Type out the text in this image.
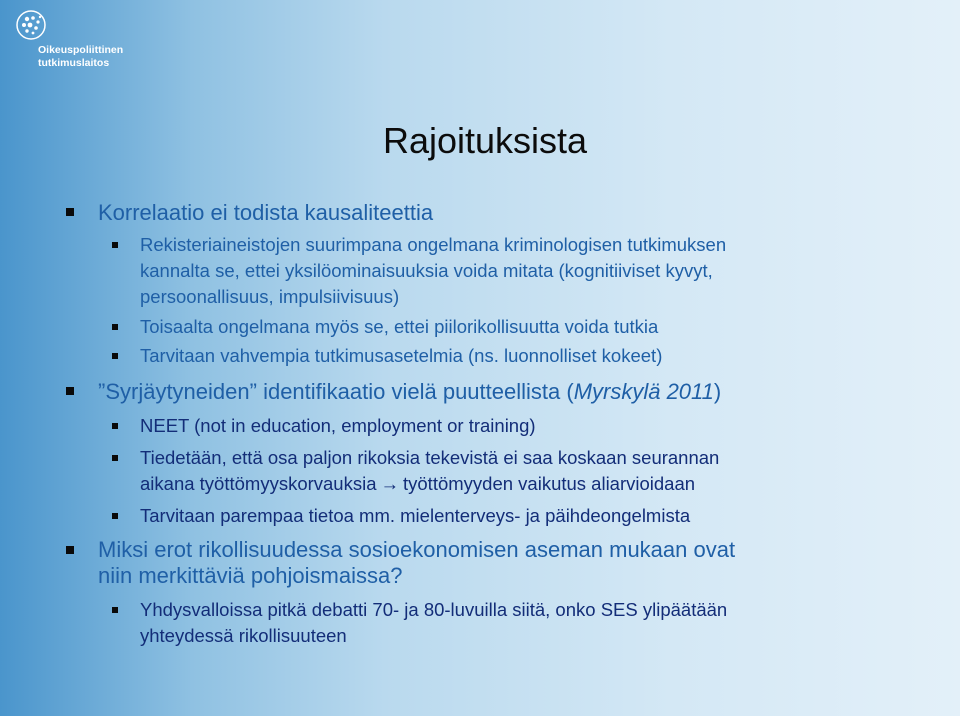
Oikeuspoliittinen
tutkimuslaitos
Rajoituksista
Korrelaatio ei todista kausaliteettia
Rekisteriaineistojen suurimpana ongelmana kriminologisen tutkimuksen
kannalta se, ettei yksilöominaisuuksia voida mitata (kognitiiviset kyvyt,
persoonallisuus, impulsiivisuus)
Toisaalta ongelmana myös se, ettei piilorikollisuutta voida tutkia
Tarvitaan vahvempia tutkimusasetelmia (ns. luonnolliset kokeet)
”Syrjäytyneiden” identifikaatio vielä puutteellista (Myrskylä 2011)
NEET (not in education, employment or training)
Tiedetään, että osa paljon rikoksia tekevistä ei saa koskaan seurannan
aikana työttömyyskorvauksia → työttömyyden vaikutus aliarvioidaan
Tarvitaan parempaa tietoa mm. mielenterveys- ja päihdeongelmista
Miksi erot rikollisuudessa sosioekonomisen aseman mukaan ovat
niin merkittäviä pohjoismaissa?
Yhdysvalloissa pitkä debatti 70- ja 80-luvuilla siitä, onko SES ylipäätään
yhteydessä rikollisuuteen
